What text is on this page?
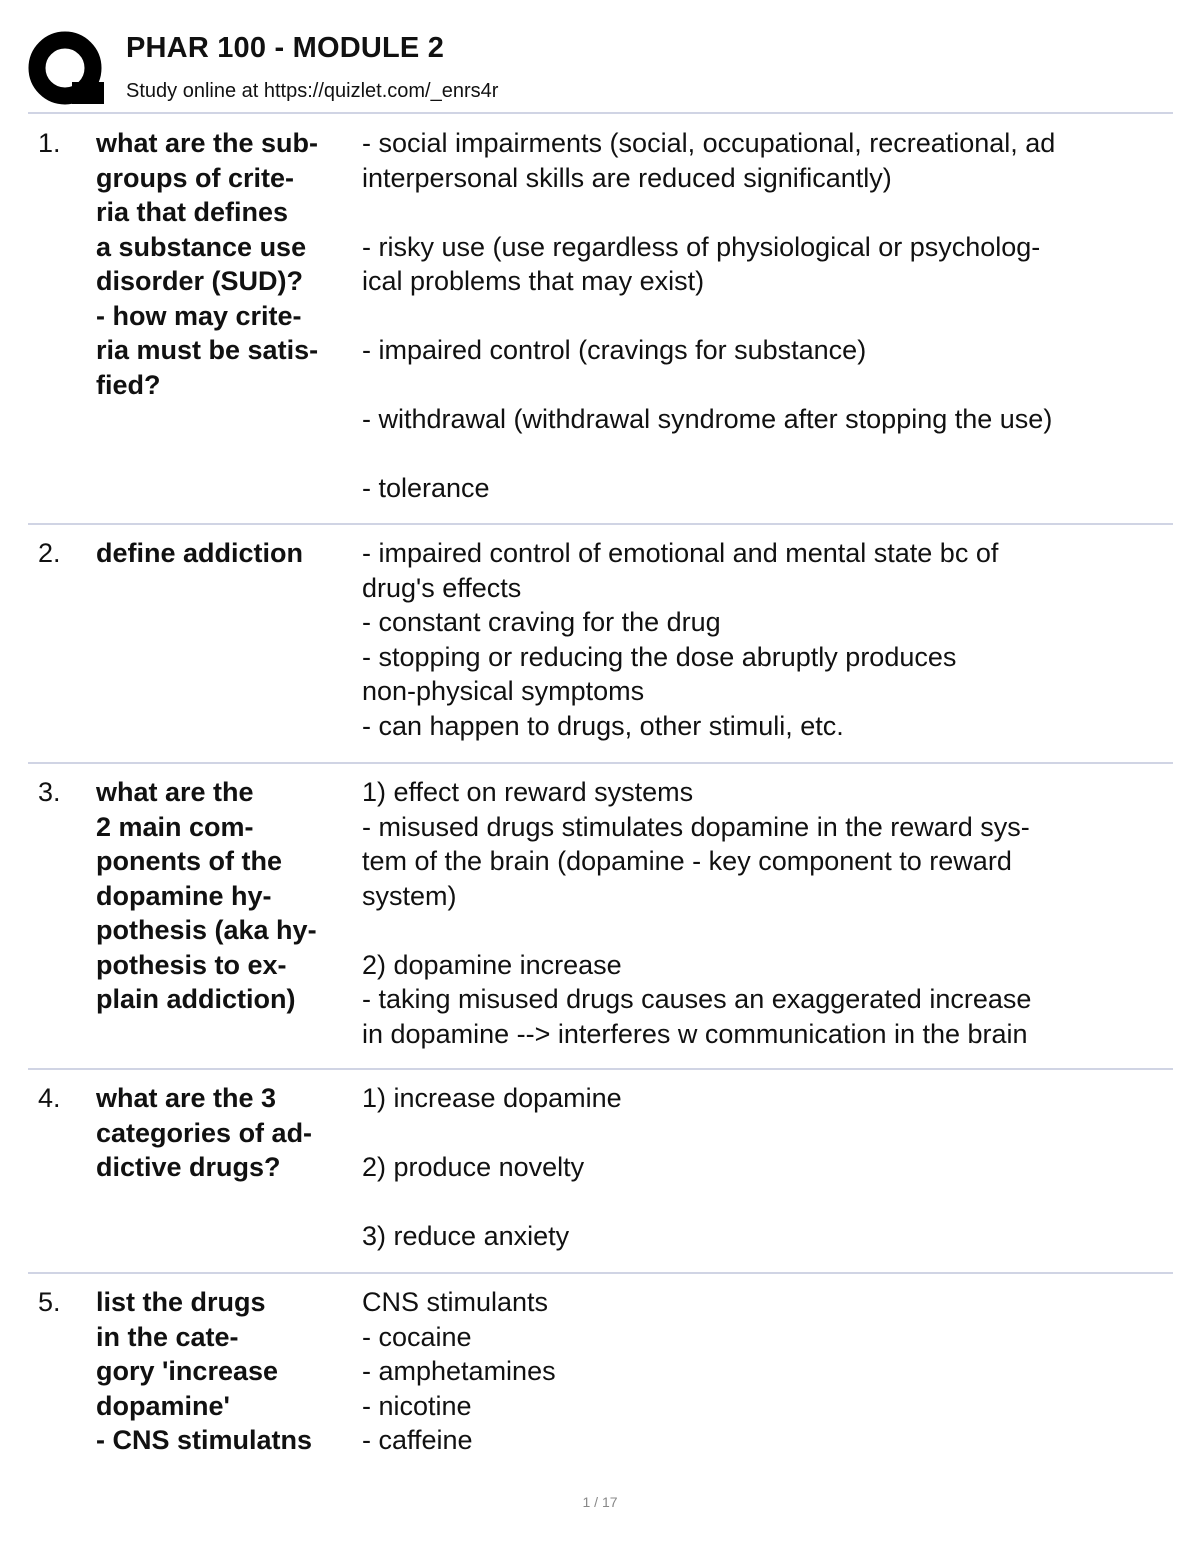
PHAR 100 - MODULE 2
Study online at https://quizlet.com/_enrs4r
1. what are the sub-
groups of crite-
ria that defines
a substance use
disorder (SUD)?
- how may crite-
ria must be satis-
fied?
- social impairments (social, occupational, recreational, ad
interpersonal skills are reduced significantly)
- risky use (use regardless of physiological or psycholog-
ical problems that may exist)
- impaired control (cravings for substance)
- withdrawal (withdrawal syndrome after stopping the use)
- tolerance
2. define addiction	- impaired control of emotional and mental state bc of
drug's effects
- constant craving for the drug
- stopping or reducing the dose abruptly produces
non-physical symptoms
- can happen to drugs, other stimuli, etc.
3. what are the
2 main com-
ponents of the
dopamine hy-
pothesis (aka hy-
pothesis to ex-
plain addiction)
1) effect on reward systems
- misused drugs stimulates dopamine in the reward sys-
tem of the brain (dopamine - key component to reward
system)
2) dopamine increase
- taking misused drugs causes an exaggerated increase
in dopamine --> interferes w communication in the brain
4. what are the 3
categories of ad-
dictive drugs?
1) increase dopamine
2) produce novelty
3) reduce anxiety
5. list the drugs
in the cate-
gory 'increase
dopamine'
- CNS stimulatns
CNS stimulants
- cocaine
- amphetamines
- nicotine
- caffeine
1 / 17
